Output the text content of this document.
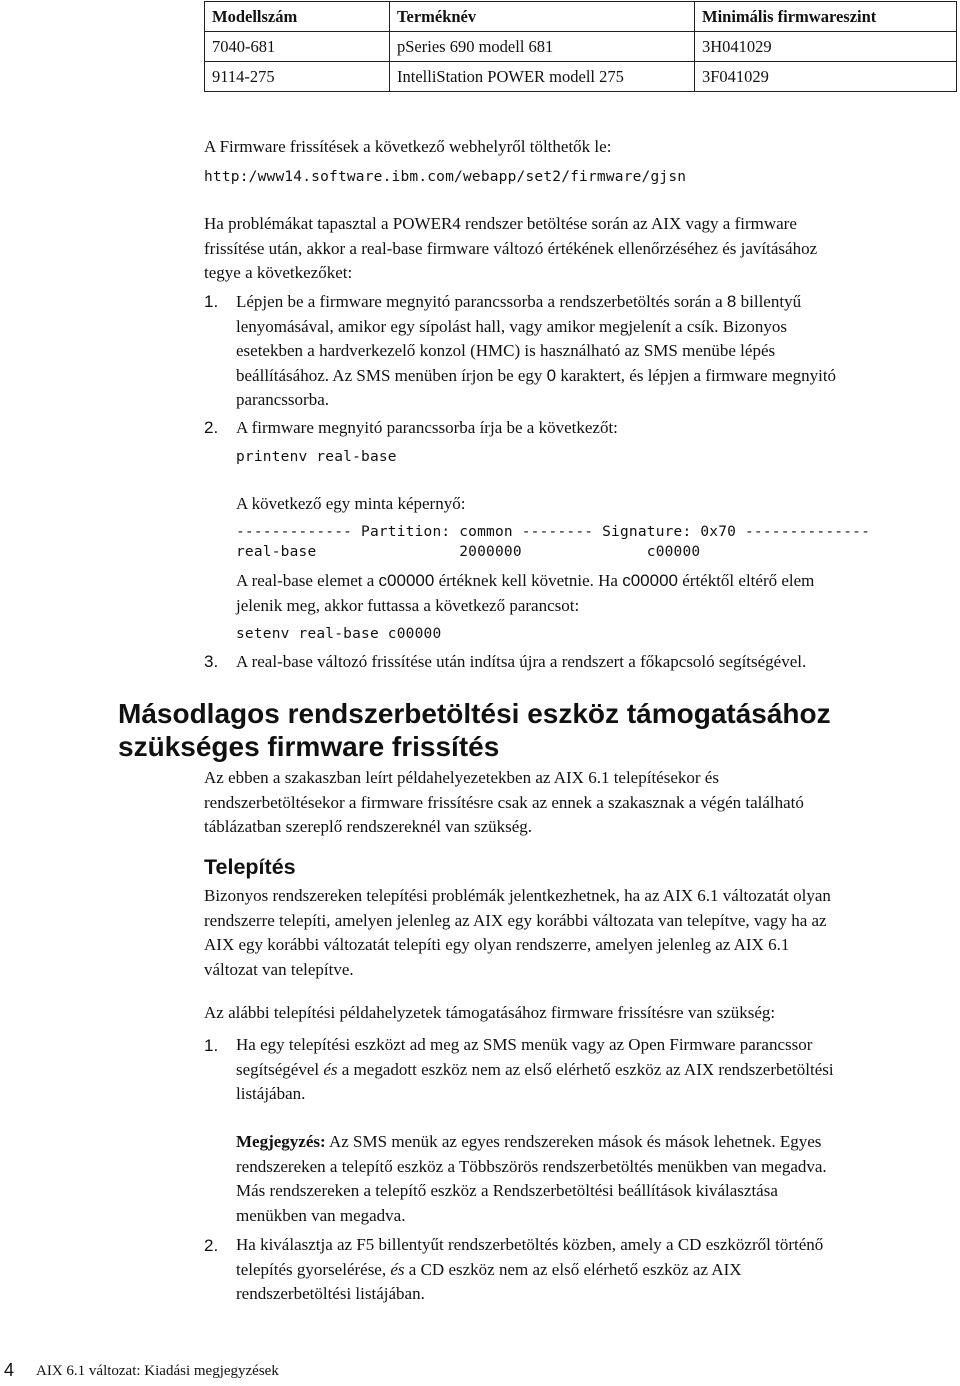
Modellszám	Terméknév	Minimális firmwareszint
7040-681	pSeries 690 modell 681	3H041029
9114-275	IntelliStation POWER modell 275	3F041029
A Firmware frissítések a következő webhelyről tölthetők le:
http:/www14.software.ibm.com/webapp/set2/firmware/gjsn
Ha problémákat tapasztal a POWER4 rendszer betöltése során az AIX vagy a firmware
frissítése után, akkor a real-base firmware változó értékének ellenőrzéséhez és javításához
tegye a következőket:
1. Lépjen be a firmware megnyitó parancssorba a rendszerbetöltés során a 8 billentyű
lenyomásával, amikor egy sípolást hall, vagy amikor megjelenít a csík. Bizonyos
esetekben a hardverkezelő konzol (HMC) is használható az SMS menübe lépés
beállításához. Az SMS menüben írjon be egy 0 karaktert, és lépjen a firmware megnyitó
parancssorba.
2. A firmware megnyitó parancssorba írja be a következőt:
printenv real-base
A következő egy minta képernyő:
------------- Partition: common -------- Signature: 0x70 --------------
real-base                2000000              c00000
A real-base elemet a c00000 értéknek kell követnie. Ha c00000 értéktől eltérő elem
jelenik meg, akkor futtassa a következő parancsot:
setenv real-base c00000
3. A real-base változó frissítése után indítsa újra a rendszert a főkapcsoló segítségével.
Másodlagos rendszerbetöltési eszköz támogatásához
szükséges firmware frissítés
Az ebben a szakaszban leírt példahelyezetekben az AIX 6.1 telepítésekor és
rendszerbetöltésekor a firmware frissítésre csak az ennek a szakasznak a végén található
táblázatban szereplő rendszereknél van szükség.
Telepítés
Bizonyos rendszereken telepítési problémák jelentkezhetnek, ha az AIX 6.1 változatát olyan
rendszerre telepíti, amelyen jelenleg az AIX egy korábbi változata van telepítve, vagy ha az
AIX egy korábbi változatát telepíti egy olyan rendszerre, amelyen jelenleg az AIX 6.1
változat van telepítve.
Az alábbi telepítési példahelyzetek támogatásához firmware frissítésre van szükség:
1. Ha egy telepítési eszközt ad meg az SMS menük vagy az Open Firmware parancssor
segítségével és a megadott eszköz nem az első elérhető eszköz az AIX rendszerbetöltési
listájában.
Megjegyzés: Az SMS menük az egyes rendszereken mások és mások lehetnek. Egyes
rendszereken a telepítő eszköz a Többszörös rendszerbetöltés menükben van megadva.
Más rendszereken a telepítő eszköz a Rendszerbetöltési beállítások kiválasztása
menükben van megadva.
2. Ha kiválasztja az F5 billentyűt rendszerbetöltés közben, amely a CD eszközről történő
telepítés gyorselérése, és a CD eszköz nem az első elérhető eszköz az AIX
rendszerbetöltési listájában.
4 AIX 6.1 változat: Kiadási megjegyzések
